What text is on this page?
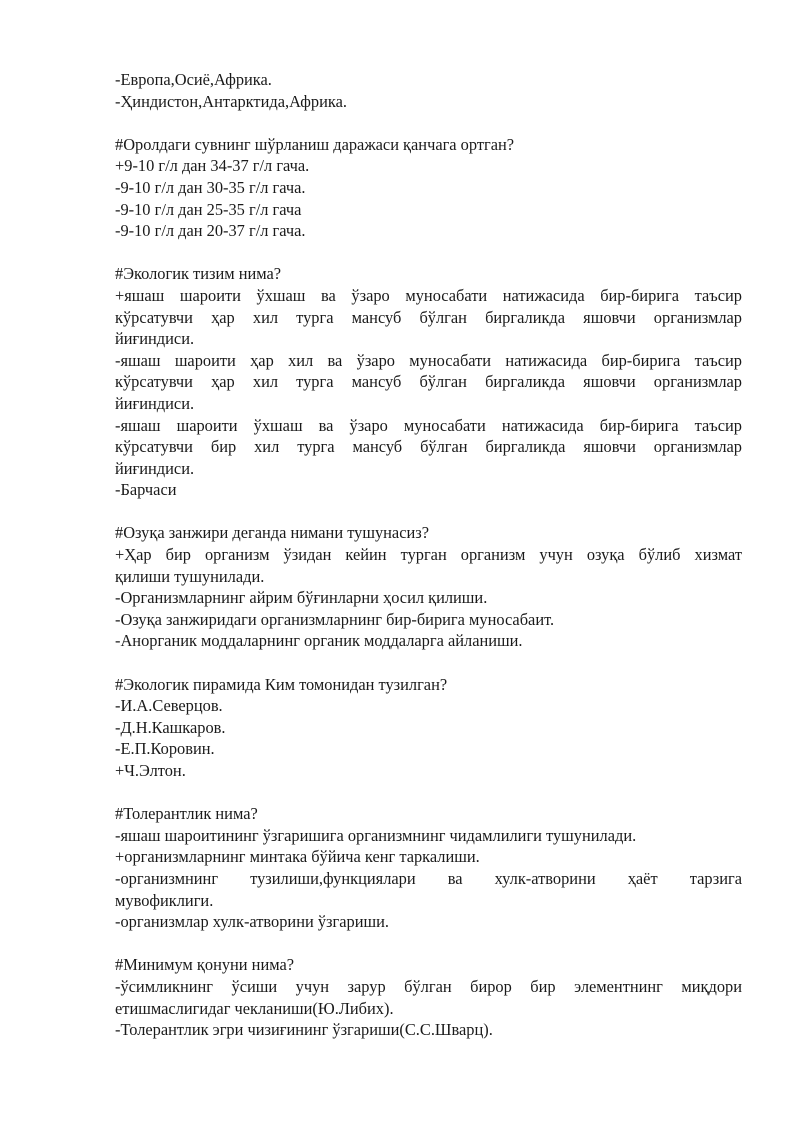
-Европа,Осиё,Африка.
-Ҳиндистон,Антарктида,Африка.
#Оролдаги сувнинг шўрланиш даражаси қанчага ортган?
+9-10 г/л дан 34-37 г/л гача.
-9-10 г/л дан 30-35 г/л гача.
-9-10 г/л дан 25-35 г/л гача
-9-10 г/л дан 20-37 г/л гача.
#Экологик тизим нима?
+яшаш шароити ўхшаш ва ўзаро муносабати натижасида бир-бирига таъсир
кўрсатувчи ҳар хил турга мансуб бўлган биргаликда яшовчи организмлар
йиғиндиси.
-яшаш шароити ҳар хил ва ўзаро муносабати натижасида бир-бирига таъсир
кўрсатувчи ҳар хил турга мансуб бўлган биргаликда яшовчи организмлар
йиғиндиси.
-яшаш шароити ўхшаш ва ўзаро муносабати натижасида бир-бирига таъсир
кўрсатувчи бир хил турга мансуб бўлган биргаликда яшовчи организмлар
йиғиндиси.
-Барчаси
#Озуқа занжири деганда нимани тушунасиз?
+Ҳар бир организм ўзидан кейин турган организм учун озуқа бўлиб хизмат
қилиши тушунилади.
-Организмларнинг айрим бўғинларни ҳосил қилиши.
-Озуқа занжиридаги организмларнинг бир-бирига муносабаит.
-Анорганик моддаларнинг органик моддаларга айланиши.
#Экологик пирамида Ким томонидан тузилган?
-И.А.Северцов.
-Д.Н.Кашкаров.
-Е.П.Коровин.
+Ч.Элтон.
#Толерантлик нима?
-яшаш шароитининг ўзгаришига организмнинг чидамлилиги тушунилади.
+организмларнинг минтака бўйича кенг таркалиши.
-организмнинг тузилиши,функциялари ва хулк-атворини ҳаёт тарзига
мувофиклиги.
-организмлар хулк-атворини ўзгариши.
#Минимум қонуни нима?
-ўсимликнинг ўсиши учун зарур бўлган бирор бир элементнинг миқдори
етишмаслигидаг чекланиши(Ю.Либих).
-Толерантлик эгри чизиғининг ўзгариши(С.С.Шварц).
